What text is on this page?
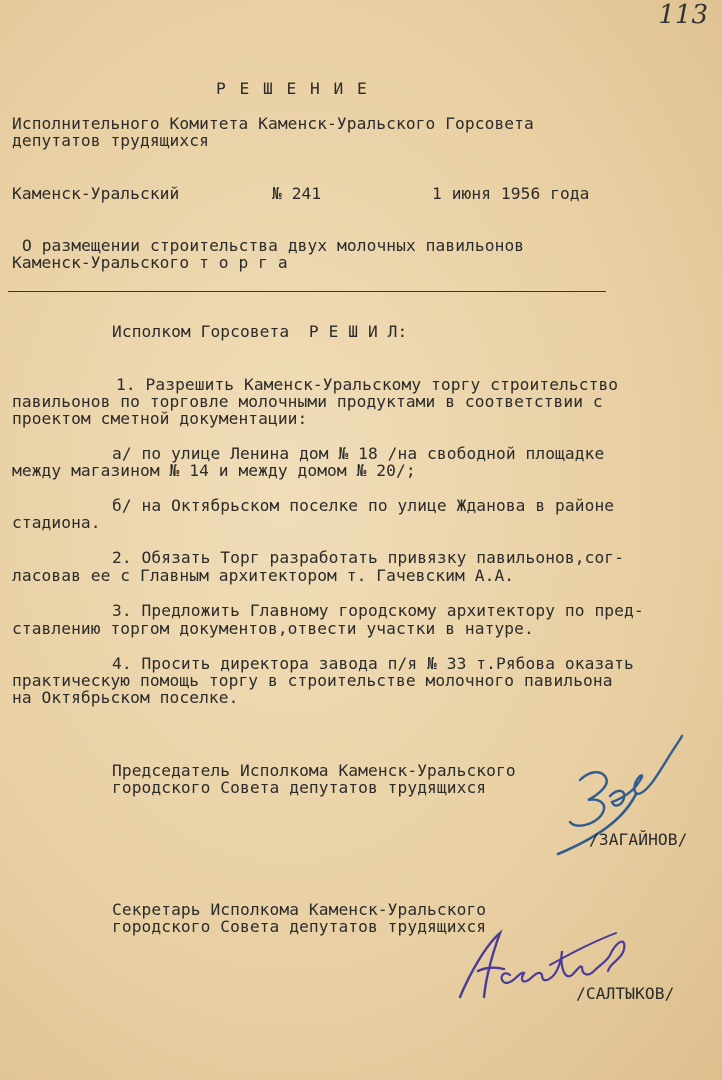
113

Р Е Ш Е Н И Е

Исполнительного Комитета Каменск-Уральского Горсовета

депутатов трудящихся

Каменск-Уральский	№ 241	1 июня 1956 года

О размещении строительства двух молочных павильонов

Каменск-Уральского т о р г а

Исполком Горсовета  Р Е Ш И Л:

1. Разрешить Каменск-Уральскому торгу строительство

павильонов по торговле молочными продуктами в соответствии с

проектом сметной документации:

а/ по улице Ленина дом № 18 /на свободной площадке

между магазином № 14 и между домом № 20/;

б/ на Октябрьском поселке по улице Жданова в районе

стадиона.

2. Обязать Торг разработать привязку павильонов,сог-

ласовав ее с Главным архитектором т. Гачевским А.А.

3. Предложить Главному городскому архитектору по пред-

ставлению торгом документов,отвести участки в натуре.

4. Просить директора завода п/я № 33 т.Рябова оказать

практическую помощь торгу в строительстве молочного павильона

на Октябрьском поселке.

Председатель Исполкома Каменск-Уральского

городского Совета депутатов трудящихся

/ЗАГАЙНОВ/

Секретарь Исполкома Каменск-Уральского

городского Совета депутатов трудящихся

/САЛТЫКОВ/
